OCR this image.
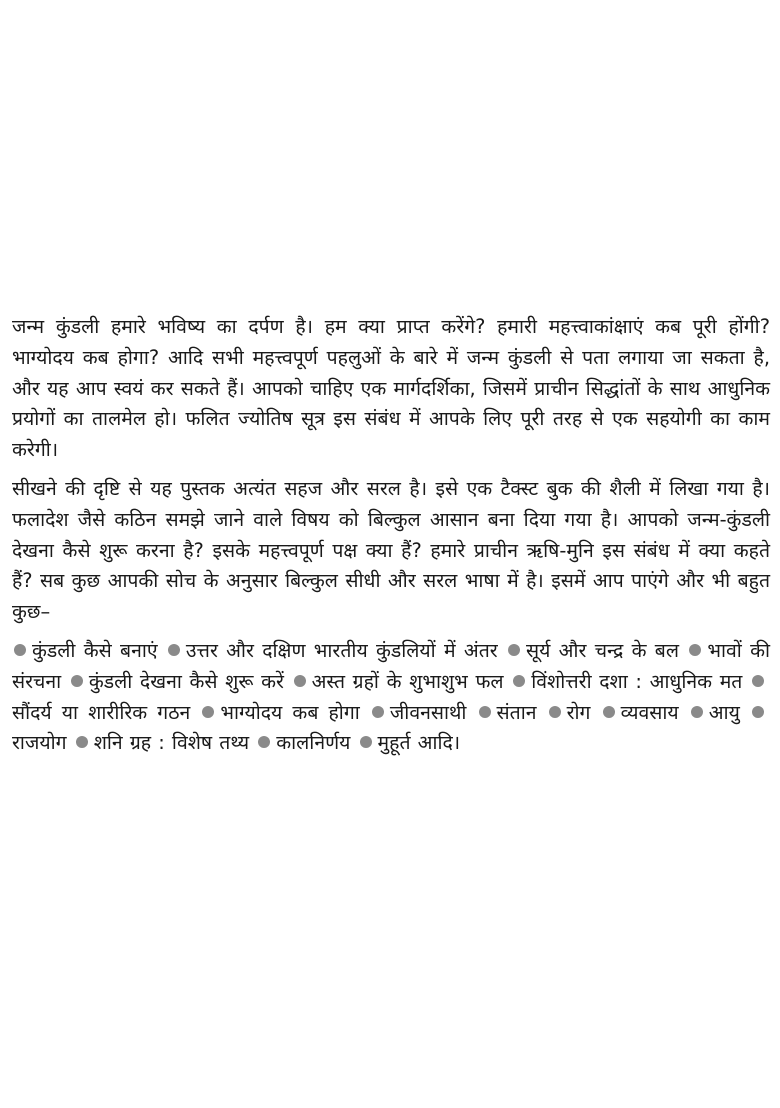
जन्म कुंडली हमारे भविष्य का दर्पण है। हम क्या प्राप्त करेंगे? हमारी महत्त्वाकांक्षाएं कब पूरी होंगी? भाग्योदय कब होगा? आदि सभी महत्त्वपूर्ण पहलुओं के बारे में जन्म कुंडली से पता लगाया जा सकता है, और यह आप स्वयं कर सकते हैं। आपको चाहिए एक मार्गदर्शिका, जिसमें प्राचीन सिद्धांतों के साथ आधुनिक प्रयोगों का तालमेल हो। फलित ज्योतिष सूत्र इस संबंध में आपके लिए पूरी तरह से एक सहयोगी का काम करेगी।

सीखने की दृष्टि से यह पुस्तक अत्यंत सहज और सरल है। इसे एक टैक्स्ट बुक की शैली में लिखा गया है। फलादेश जैसे कठिन समझे जाने वाले विषय को बिल्कुल आसान बना दिया गया है। आपको जन्म-कुंडली देखना कैसे शुरू करना है? इसके महत्त्वपूर्ण पक्ष क्या हैं? हमारे प्राचीन ऋषि-मुनि इस संबंध में क्या कहते हैं? सब कुछ आपकी सोच के अनुसार बिल्कुल सीधी और सरल भाषा में है। इसमें आप पाएंगे और भी बहुत कुछ–

कुंडली कैसे बनाएं उत्तर और दक्षिण भारतीय कुंडलियों में अंतर सूर्य और चन्द्र के बल भावों की संरचना कुंडली देखना कैसे शुरू करें अस्त ग्रहों के शुभाशुभ फल विंशोत्तरी दशा : आधुनिक मत सौंदर्य या शारीरिक गठन भाग्योदय कब होगा जीवनसाथी संतान रोग व्यवसाय आयु राजयोग शनि ग्रह : विशेष तथ्य कालनिर्णय मुहूर्त आदि।
